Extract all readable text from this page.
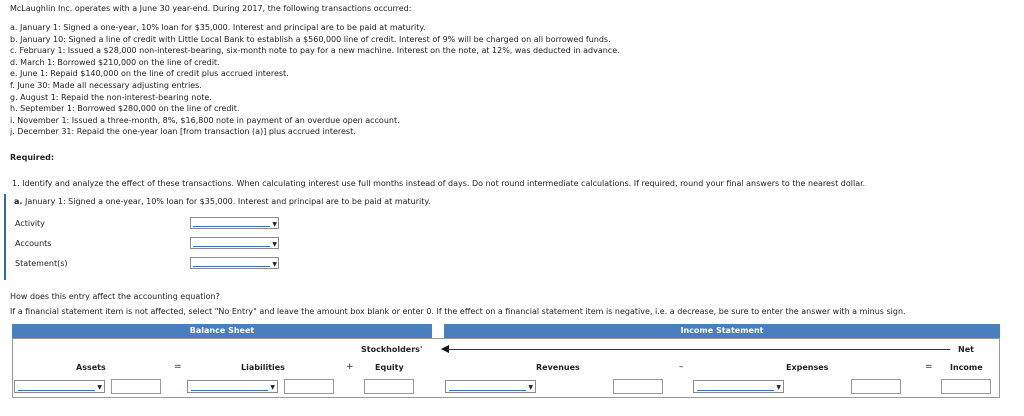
McLaughlin Inc. operates with a June 30 year-end. During 2017, the following transactions occurred:
a. January 1: Signed a one-year, 10% loan for $35,000. Interest and principal are to be paid at maturity.
b. January 10: Signed a line of credit with Little Local Bank to establish a $560,000 line of credit. Interest of 9% will be charged on all borrowed funds.
c. February 1: Issued a $28,000 non-interest-bearing, six-month note to pay for a new machine. Interest on the note, at 12%, was deducted in advance.
d. March 1: Borrowed $210,000 on the line of credit.
e. June 1: Repaid $140,000 on the line of credit plus accrued interest.
f. June 30: Made all necessary adjusting entries.
g. August 1: Repaid the non-interest-bearing note.
h. September 1: Borrowed $280,000 on the line of credit.
i. November 1: Issued a three-month, 8%, $16,800 note in payment of an overdue open account.
j. December 31: Repaid the one-year loan [from transaction (a)] plus accrued interest.
Required:
1. Identify and analyze the effect of these transactions. When calculating interest use full months instead of days. Do not round intermediate calculations. If required, round your final answers to the nearest dollar.
a. January 1: Signed a one-year, 10% loan for $35,000. Interest and principal are to be paid at maturity.
Activity	▼
Accounts	▼
Statement(s)	▼
How does this entry affect the accounting equation?
If a financial statement item is not affected, select "No Entry" and leave the amount box blank or enter 0. If the effect on a financial statement item is negative, i.e. a decrease, be sure to enter the answer with a minus sign.
Balance Sheet	Income Statement
Stockholders'	Net
Assets	=	Liabilities	+	Equity	Revenues	–	Expenses	= Income
▼	▼	▼	▼
